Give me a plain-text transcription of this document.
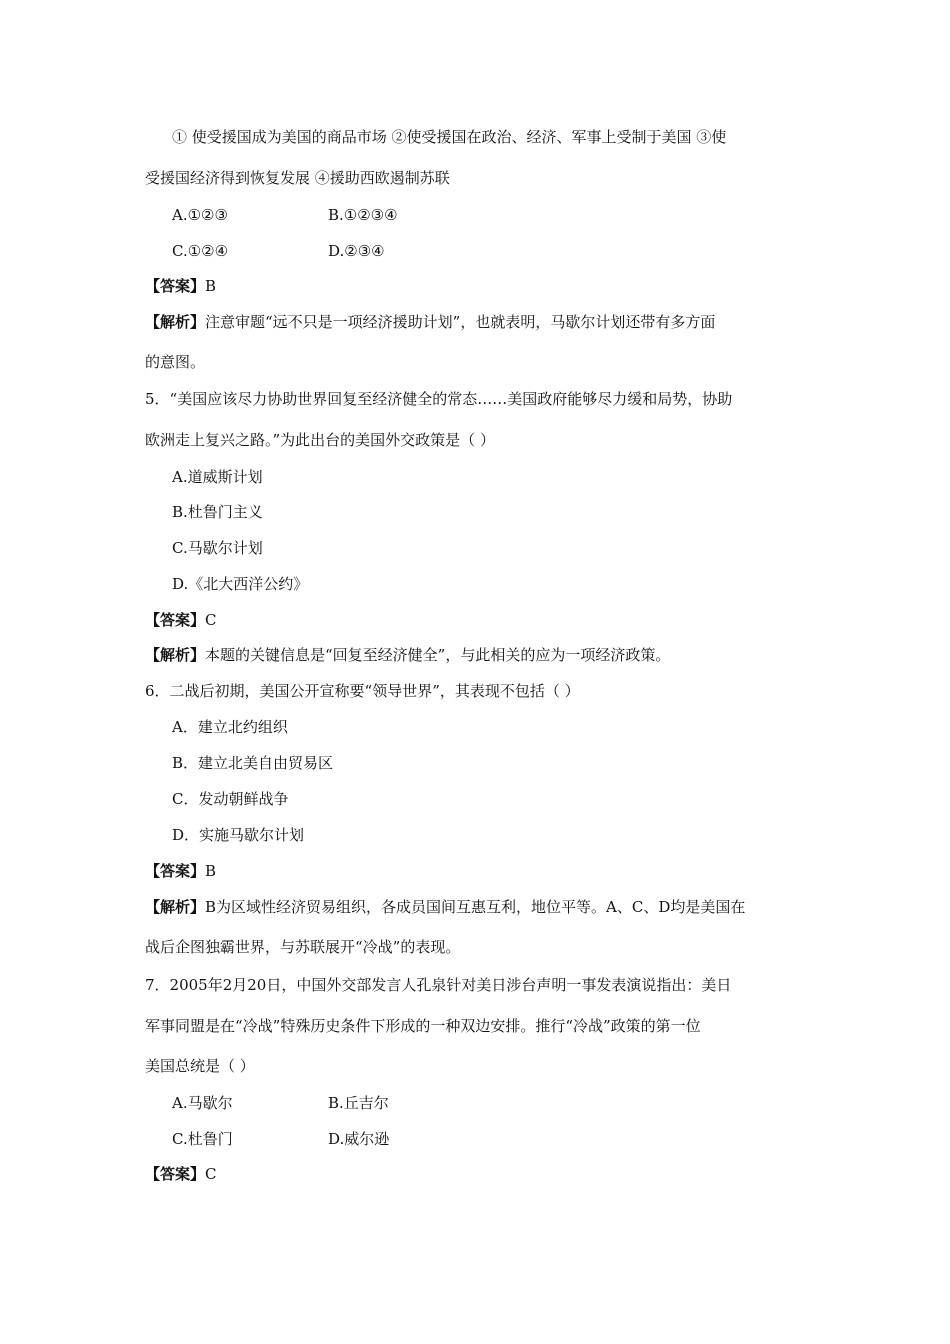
① 使受援国成为美国的商品市场 ②使受援国在政治、经济、军事上受制于美国 ③使
受援国经济得到恢复发展 ④援助西欧遏制苏联
A.①②③	B.①②③④
C.①②④	D.②③④
【答案】B
【解析】注意审题“远不只是一项经济援助计划”，也就表明，马歇尔计划还带有多方面
的意图。
5．“美国应该尽力协助世界回复至经济健全的常态……美国政府能够尽力缓和局势，协助
欧洲走上复兴之路。”为此出台的美国外交政策是（ ）
A.道威斯计划
B.杜鲁门主义
C.马歇尔计划
D.《北大西洋公约》
【答案】C
【解析】本题的关键信息是“回复至经济健全”，与此相关的应为一项经济政策。
6．二战后初期，美国公开宣称要“领导世界”，其表现不包括（ ）
A．建立北约组织
B．建立北美自由贸易区
C．发动朝鲜战争
D．实施马歇尔计划
【答案】B
【解析】B为区域性经济贸易组织，各成员国间互惠互利，地位平等。A、C、D均是美国在
战后企图独霸世界，与苏联展开“冷战”的表现。
7．2005年2月20日，中国外交部发言人孔泉针对美日涉台声明一事发表演说指出：美日
军事同盟是在“冷战”特殊历史条件下形成的一种双边安排。推行“冷战”政策的第一位
美国总统是（ ）
A.马歇尔	B.丘吉尔
C.杜鲁门	D.威尔逊
【答案】C
